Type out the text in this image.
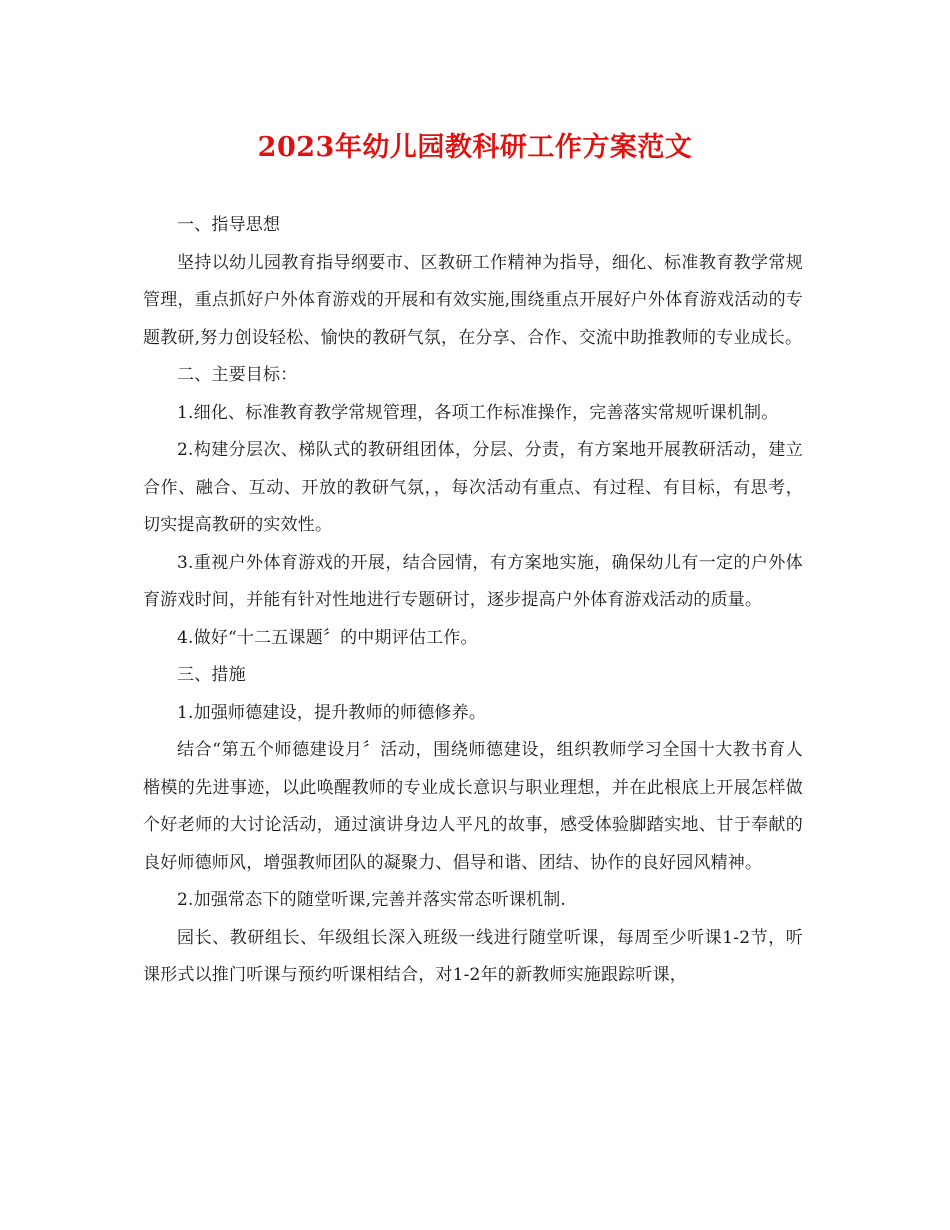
2023年幼儿园教科研工作方案范文

一、指导思想

坚持以幼儿园教育指导纲要市、区教研工作精神为指导，细化、标准教育教学常规管理，重点抓好户外体育游戏的开展和有效实施,围绕重点开展好户外体育游戏活动的专题教研,努力创设轻松、愉快的教研气氛，在分享、合作、交流中助推教师的专业成长。

二、主要目标：

1.细化、标准教育教学常规管理，各项工作标准操作，完善落实常规听课机制。

2.构建分层次、梯队式的教研组团体，分层、分责，有方案地开展教研活动，建立合作、融合、互动、开放的教研气氛，，每次活动有重点、有过程、有目标，有思考，切实提高教研的实效性。

3.重视户外体育游戏的开展，结合园情，有方案地实施，确保幼儿有一定的户外体育游戏时间，并能有针对性地进行专题研讨，逐步提高户外体育游戏活动的质量。

4.做好“十二五课题〞的中期评估工作。

三、措施

1.加强师德建设，提升教师的师德修养。

结合“第五个师德建设月〞活动，围绕师德建设，组织教师学习全国十大教书育人楷模的先进事迹，以此唤醒教师的专业成长意识与职业理想，并在此根底上开展怎样做个好老师的大讨论活动，通过演讲身边人平凡的故事，感受体验脚踏实地、甘于奉献的良好师德师风，增强教师团队的凝聚力、倡导和谐、团结、协作的良好园风精神。

2.加强常态下的随堂听课,完善并落实常态听课机制.

园长、教研组长、年级组长深入班级一线进行随堂听课，每周至少听课1-2节，听课形式以推门听课与预约听课相结合，对1-2年的新教师实施跟踪听课，
